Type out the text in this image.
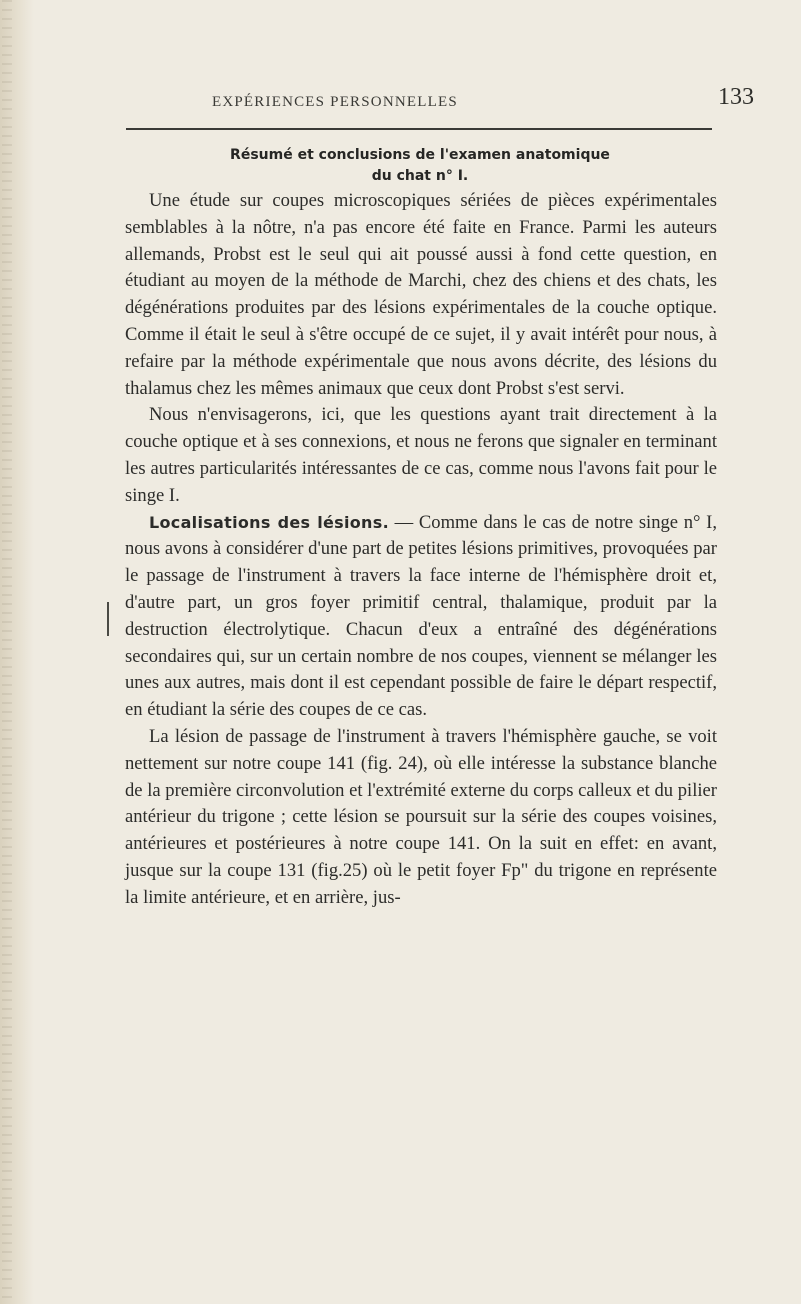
EXPÉRIENCES PERSONNELLES	133
Résumé et conclusions de l'examen anatomique
du chat n° I.

Une étude sur coupes microscopiques sériées de pièces expérimentales semblables à la nôtre, n'a pas encore été faite en France. Parmi les auteurs allemands, Probst est le seul qui ait poussé aussi à fond cette question, en étudiant au moyen de la méthode de Marchi, chez des chiens et des chats, les dégénérations produites par des lésions expérimentales de la couche optique. Comme il était le seul à s'être occupé de ce sujet, il y avait intérêt pour nous, à refaire par la méthode expérimentale que nous avons décrite, des lésions du thalamus chez les mêmes animaux que ceux dont Probst s'est servi.

Nous n'envisagerons, ici, que les questions ayant trait directement à la couche optique et à ses connexions, et nous ne ferons que signaler en terminant les autres particularités intéressantes de ce cas, comme nous l'avons fait pour le singe I.

Localisations des lésions. — Comme dans le cas de notre singe n° I, nous avons à considérer d'une part de petites lésions primitives, provoquées par le passage de l'instrument à travers la face interne de l'hémisphère droit et, d'autre part, un gros foyer primitif central, thalamique, produit par la destruction électrolytique. Chacun d'eux a entraîné des dégénérations secondaires qui, sur un certain nombre de nos coupes, viennent se mélanger les unes aux autres, mais dont il est cependant possible de faire le départ respectif, en étudiant la série des coupes de ce cas.

La lésion de passage de l'instrument à travers l'hémisphère gauche, se voit nettement sur notre coupe 141 (fig. 24), où elle intéresse la substance blanche de la première circonvolution et l'extrémité externe du corps calleux et du pilier antérieur du trigone ; cette lésion se poursuit sur la série des coupes voisines, antérieures et postérieures à notre coupe 141. On la suit en effet: en avant, jusque sur la coupe 131 (fig.25) où le petit foyer Fp" du trigone en représente la limite antérieure, et en arrière, jus-
